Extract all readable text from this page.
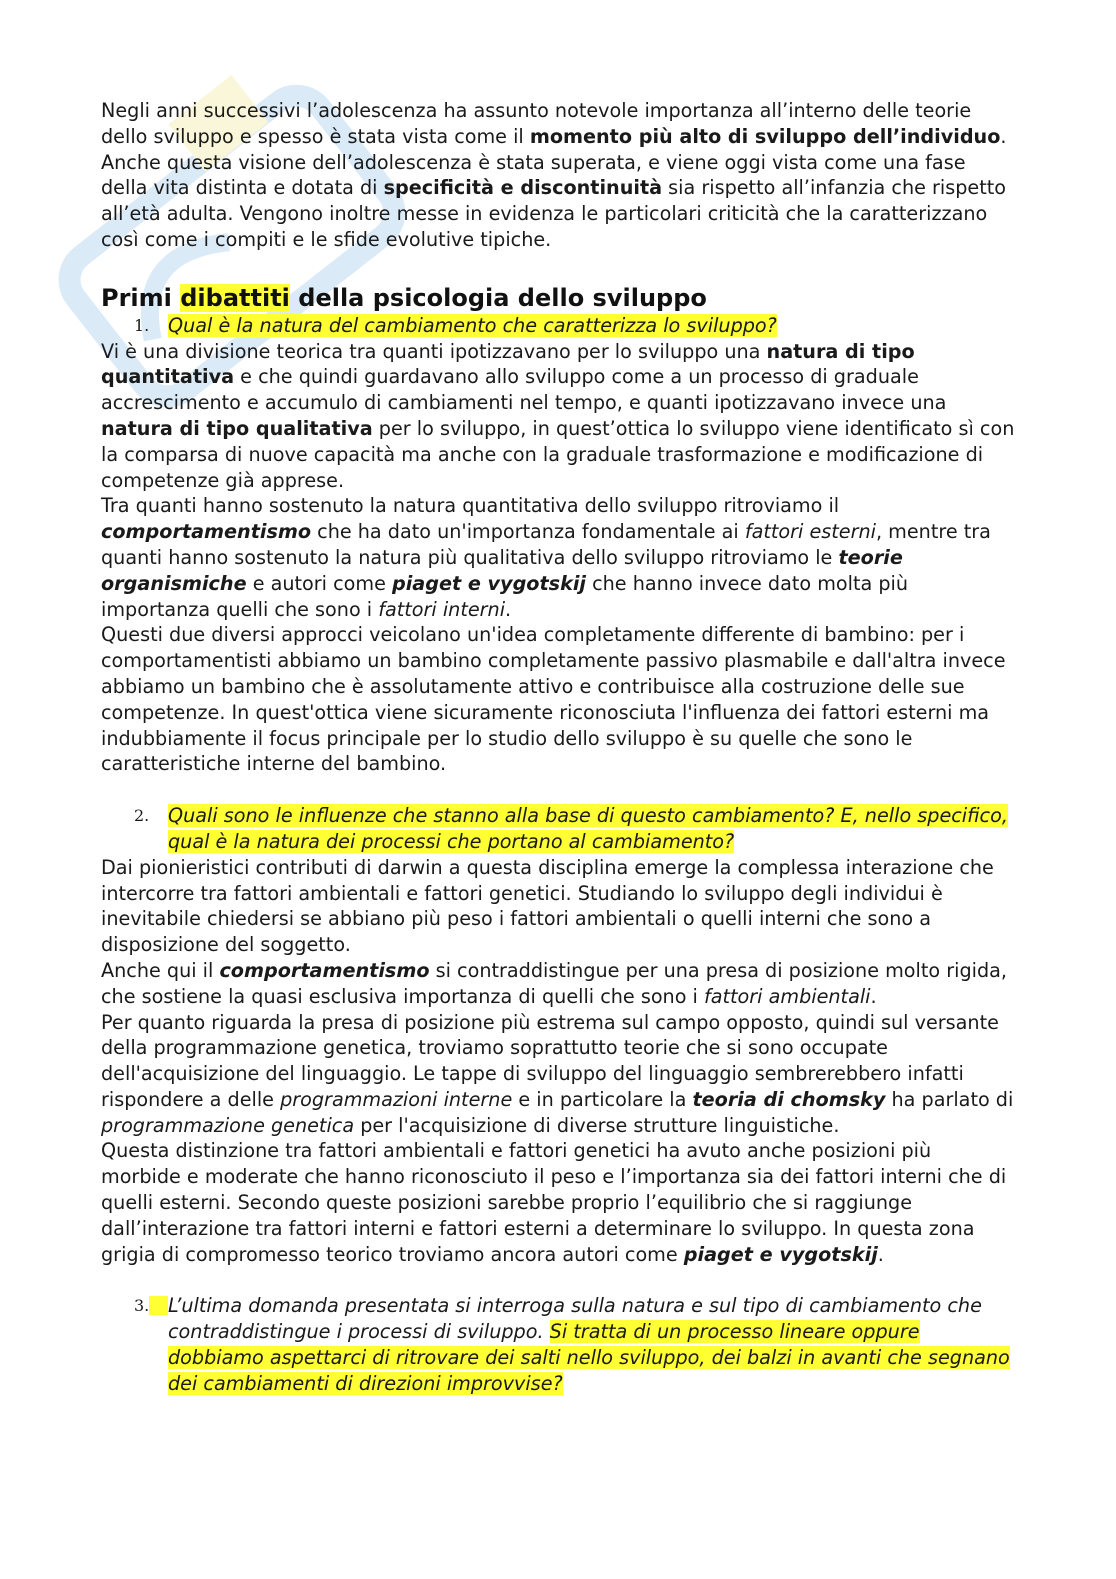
Negli anni successivi l’adolescenza ha assunto notevole importanza all’interno delle teorie dello sviluppo e spesso è stata vista come il momento più alto di sviluppo dell’individuo.

Anche questa visione dell’adolescenza è stata superata, e viene oggi vista come una fase della vita distinta e dotata di specificità e discontinuità sia rispetto all’infanzia che rispetto all’età adulta. Vengono inoltre messe in evidenza le particolari criticità che la caratterizzano così come i compiti e le sfide evolutive tipiche.

Primi dibattiti della psicologia dello sviluppo
1. Qual è la natura del cambiamento che caratterizza lo sviluppo?

Vi è una divisione teorica tra quanti ipotizzavano per lo sviluppo una natura di tipo quantitativa e che quindi guardavano allo sviluppo come a un processo di graduale accrescimento e accumulo di cambiamenti nel tempo, e quanti ipotizzavano invece una natura di tipo qualitativa per lo sviluppo, in quest’ottica lo sviluppo viene identificato sì con la comparsa di nuove capacità ma anche con la graduale trasformazione e modificazione di competenze già apprese.

Tra quanti hanno sostenuto la natura quantitativa dello sviluppo ritroviamo il comportamentismo che ha dato un'importanza fondamentale ai fattori esterni, mentre tra quanti hanno sostenuto la natura più qualitativa dello sviluppo ritroviamo le teorie organismiche e autori come piaget e vygotskij che hanno invece dato molta più importanza quelli che sono i fattori interni.

Questi due diversi approcci veicolano un'idea completamente differente di bambino: per i comportamentisti abbiamo un bambino completamente passivo plasmabile e dall'altra invece abbiamo un bambino che è assolutamente attivo e contribuisce alla costruzione delle sue competenze. In quest'ottica viene sicuramente riconosciuta l'influenza dei fattori esterni ma indubbiamente il focus principale per lo studio dello sviluppo è su quelle che sono le caratteristiche interne del bambino.

2. Quali sono le influenze che stanno alla base di questo cambiamento? E, nello specifico, qual è la natura dei processi che portano al cambiamento?

Dai pionieristici contributi di darwin a questa disciplina emerge la complessa interazione che intercorre tra fattori ambientali e fattori genetici. Studiando lo sviluppo degli individui è inevitabile chiedersi se abbiano più peso i fattori ambientali o quelli interni che sono a disposizione del soggetto.

Anche qui il comportamentismo si contraddistingue per una presa di posizione molto rigida, che sostiene la quasi esclusiva importanza di quelli che sono i fattori ambientali.

Per quanto riguarda la presa di posizione più estrema sul campo opposto, quindi sul versante della programmazione genetica, troviamo soprattutto teorie che si sono occupate dell'acquisizione del linguaggio. Le tappe di sviluppo del linguaggio sembrerebbero infatti rispondere a delle programmazioni interne e in particolare la teoria di chomsky ha parlato di programmazione genetica per l'acquisizione di diverse strutture linguistiche.

Questa distinzione tra fattori ambientali e fattori genetici ha avuto anche posizioni più morbide e moderate che hanno riconosciuto il peso e l’importanza sia dei fattori interni che di quelli esterni. Secondo queste posizioni sarebbe proprio l’equilibrio che si raggiunge dall’interazione tra fattori interni e fattori esterni a determinare lo sviluppo. In questa zona grigia di compromesso teorico troviamo ancora autori come piaget e vygotskij.

3. L’ultima domanda presentata si interroga sulla natura e sul tipo di cambiamento che contraddistingue i processi di sviluppo. Si tratta di un processo lineare oppure dobbiamo aspettarci di ritrovare dei salti nello sviluppo, dei balzi in avanti che segnano dei cambiamenti di direzioni improvvise?
